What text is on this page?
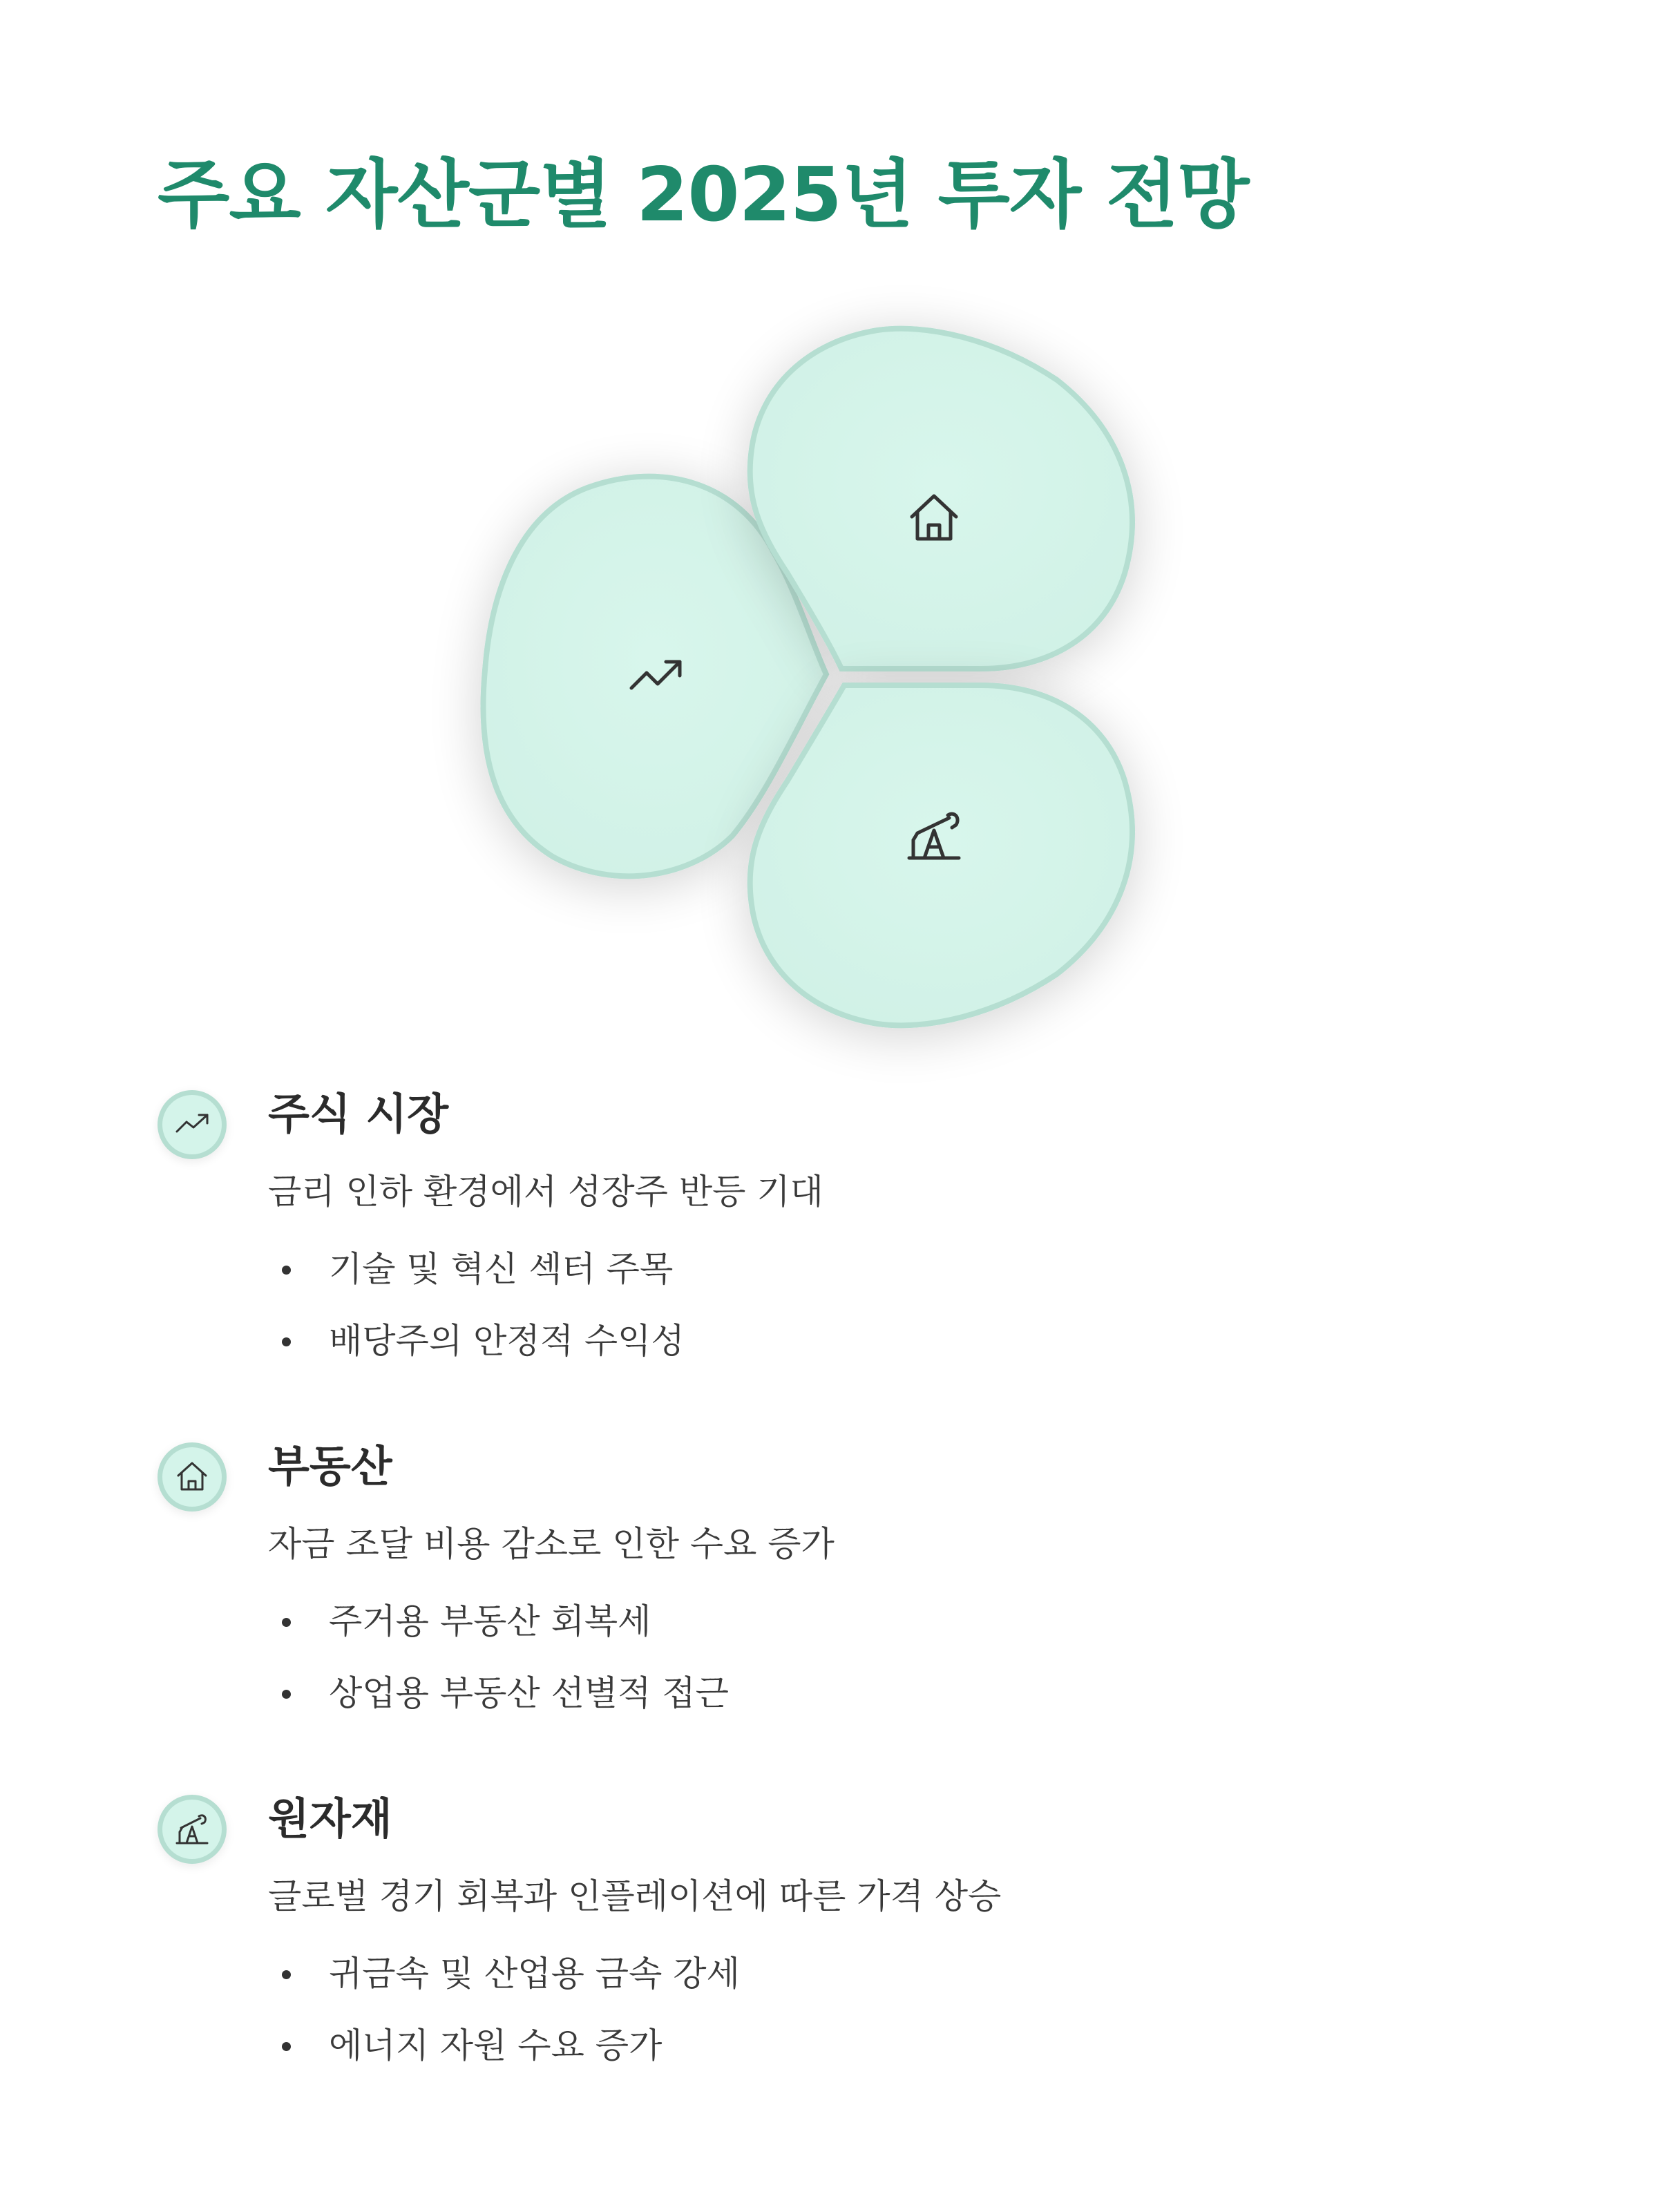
주요 자산군별 2025년 투자 전망
주식 시장

금리 인하 환경에서 성장주 반등 기대

기술 및 혁신 섹터 주목
배당주의 안정적 수익성
부동산

자금 조달 비용 감소로 인한 수요 증가

주거용 부동산 회복세
상업용 부동산 선별적 접근
원자재

글로벌 경기 회복과 인플레이션에 따른 가격 상승

귀금속 및 산업용 금속 강세
에너지 자원 수요 증가
